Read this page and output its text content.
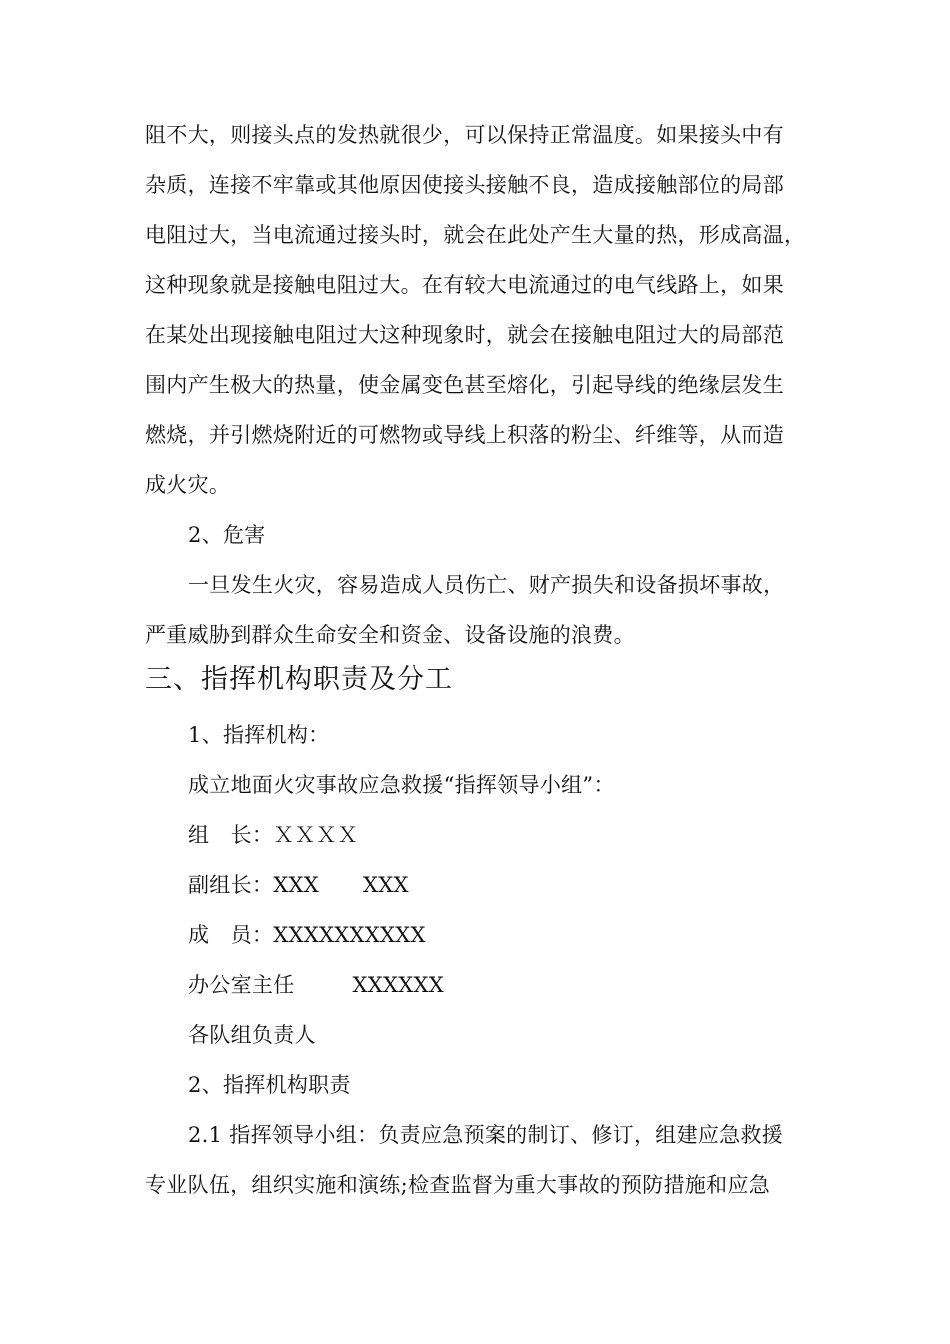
阻不大，则接头点的发热就很少，可以保持正常温度。如果接头中有
杂质，连接不牢靠或其他原因使接头接触不良，造成接触部位的局部
电阻过大，当电流通过接头时，就会在此处产生大量的热，形成高温，
这种现象就是接触电阻过大。在有较大电流通过的电气线路上，如果
在某处出现接触电阻过大这种现象时，就会在接触电阻过大的局部范
围内产生极大的热量，使金属变色甚至熔化，引起导线的绝缘层发生
燃烧，并引燃烧附近的可燃物或导线上积落的粉尘、纤维等，从而造
成火灾。
2、危害
一旦发生火灾，容易造成人员伤亡、财产损失和设备损坏事故，
严重威胁到群众生命安全和资金、设备设施的浪费。
三、指挥机构职责及分工
1、指挥机构：
成立地面火灾事故应急救援“指挥领导小组”：
组　长：ＸＸＸＸ
副组长：XXX XXX
成　员：XXXXXXXXXX
办公室主任	XXXXXX
各队组负责人
2、指挥机构职责
2.1 指挥领导小组：负责应急预案的制订、修订，组建应急救援
专业队伍，组织实施和演练;检查监督为重大事故的预防措施和应急
